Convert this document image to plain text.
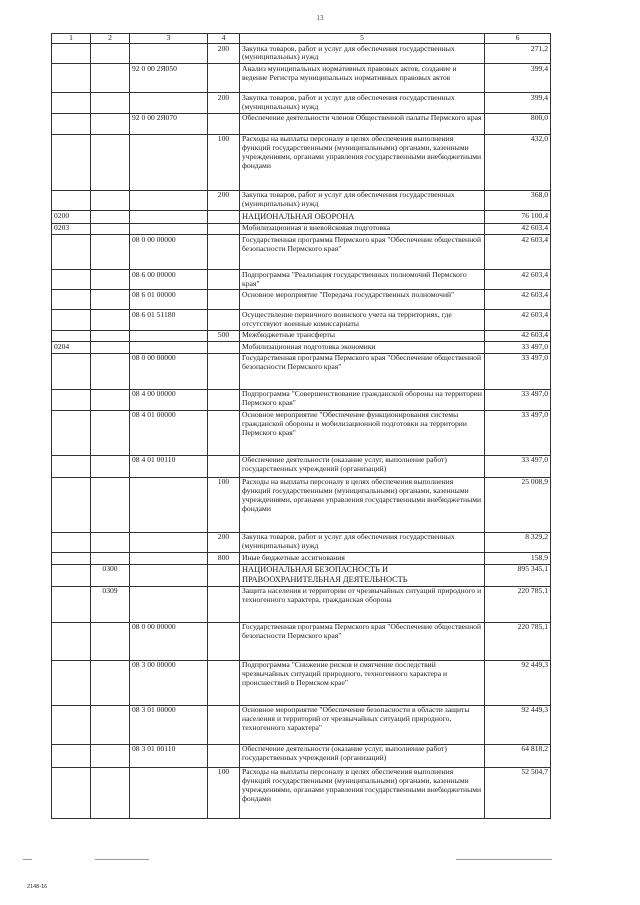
13
1	2	3	4	5	6
			200	Закупка товаров, работ и услуг для обеспечения государственных (муниципальных) нужд	271,2
		92 0 00 2Я050		Анализ муниципальных нормативных правовых актов, создание и ведение Регистра муниципальных нормативных правовых актов	399,4
			200	Закупка товаров, работ и услуг для обеспечения государственных (муниципальных) нужд	399,4
		92 0 00 2Я070		Обеспечение деятельности членов Общественной палаты Пермского края	800,0
			100	Расходы на выплаты персоналу в целях обеспечения выполнения функций государственными (муниципальными) органами, казенными учреждениями, органами управления государственными внебюджетными фондами	432,0
			200	Закупка товаров, работ и услуг для обеспечения государственных (муниципальных) нужд	368,0
0200				НАЦИОНАЛЬНАЯ ОБОРОНА	76 100,4
0203				Мобилизационная и вневойсковая подготовка	42 603,4
		08 0 00 00000		Государственная программа Пермского края "Обеспечение общественной безопасности Пермского края"	42 603,4
		08 6 00 00000		Подпрограмма "Реализация государственных полномочий Пермского края"	42 603,4
		08 6 01 00000		Основное мероприятие "Передача государственных полномочий"	42 603,4
		08 6 01 51180		Осуществление первичного воинского учета на территориях, где отсутствуют военные комиссариаты	42 603,4
			500	Межбюджетные трансферты	42 603,4
0204				Мобилизационная подготовка экономики	33 497,0
		08 0 00 00000		Государственная программа Пермского края "Обеспечение общественной безопасности Пермского края"	33 497,0
		08 4 00 00000		Подпрограмма "Совершенствование гражданской обороны на территории Пермского края"	33 497,0
		08 4 01 00000		Основное мероприятие "Обеспечение функционирования системы гражданской обороны и мобилизационной подготовки на территории Пермского края"	33 497,0
		08 4 01 00110		Обеспечение деятельности (оказание услуг, выполнение работ) государственных учреждений (организаций)	33 497,0
			100	Расходы на выплаты персоналу в целях обеспечения выполнения функций государственными (муниципальными) органами, казенными учреждениями, органами управления государственными внебюджетными фондами	25 008,9
			200	Закупка товаров, работ и услуг для обеспечения государственных (муниципальных) нужд	8 329,2
			800	Иные бюджетные ассигнования	158,9
	0300			НАЦИОНАЛЬНАЯ БЕЗОПАСНОСТЬ И ПРАВООХРАНИТЕЛЬНАЯ ДЕЯТЕЛЬНОСТЬ	895 345,1
	0309			Защита населения и территории от чрезвычайных ситуаций природного и техногенного характера, гражданская оборона	220 785,1
		08 0 00 00000		Государственная программа Пермского края "Обеспечение общественной безопасности Пермского края"	220 785,1
		08 3 00 00000		Подпрограмма "Снижение рисков и смягчение последствий чрезвычайных ситуаций природного, техногенного характера и происшествий в Пермском крае"	92 449,3
		08 3 01 00000		Основное мероприятие "Обеспечение безопасности в области защиты населения и территорий от чрезвычайных ситуаций природного, техногенного характера"	92 449,3
		08 3 01 00110		Обеспечение деятельности (оказание услуг, выполнение работ) государственных учреждений (организаций)	64 818,2
			100	Расходы на выплаты персоналу в целях обеспечения выполнения функций государственными (муниципальными) органами, казенными учреждениями, органами управления государственными внебюджетными фондами	52 504,7
2148-16
